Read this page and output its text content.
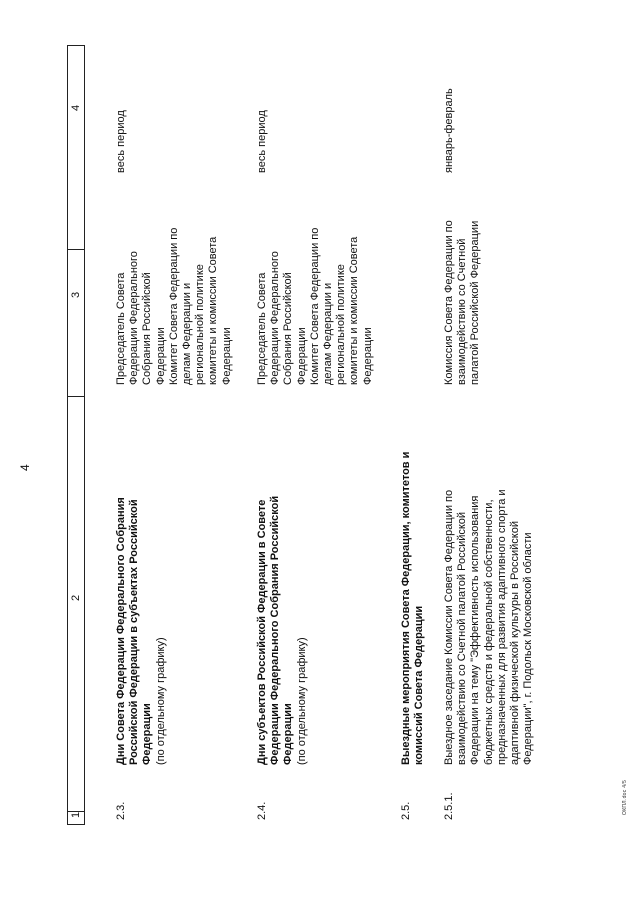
4
1
2
3
4
2.3.
Дни Совета Федерации Федерального Собрания Российской Федерации в субъектах Российской Федерации (по отдельному графику)
Председатель Совета Федерации Федерального Собрания Российской Федерации Комитет Совета Федерации по делам Федерации и региональной политике комитеты и комиссии Совета Федерации
весь период
2.4.
Дни субъектов Российской Федерации в Совете Федерации Федерального Собрания Российской Федерации (по отдельному графику)
Председатель Совета Федерации Федерального Собрания Российской Федерации Комитет Совета Федерации по делам Федерации и региональной политике комитеты и комиссии Совета Федерации
весь период
2.5.
Выездные мероприятия Совета Федерации, комитетов и комиссий Совета Федерации
2.5.1.
Выездное заседание Комиссии Совета Федерации по взаимодействию со Счетной палатой Российской Федерации на тему "Эффективность использования бюджетных средств и федеральной собственности, предназначенных для развития адаптивного спорта и адаптивной физической культуры в Российской Федерации", г. Подольск Московской области
Комиссия Совета Федерации по взаимодействию со Счетной палатой Российской Федерации
январь-февраль
ОКПЛ.doc 4/5
